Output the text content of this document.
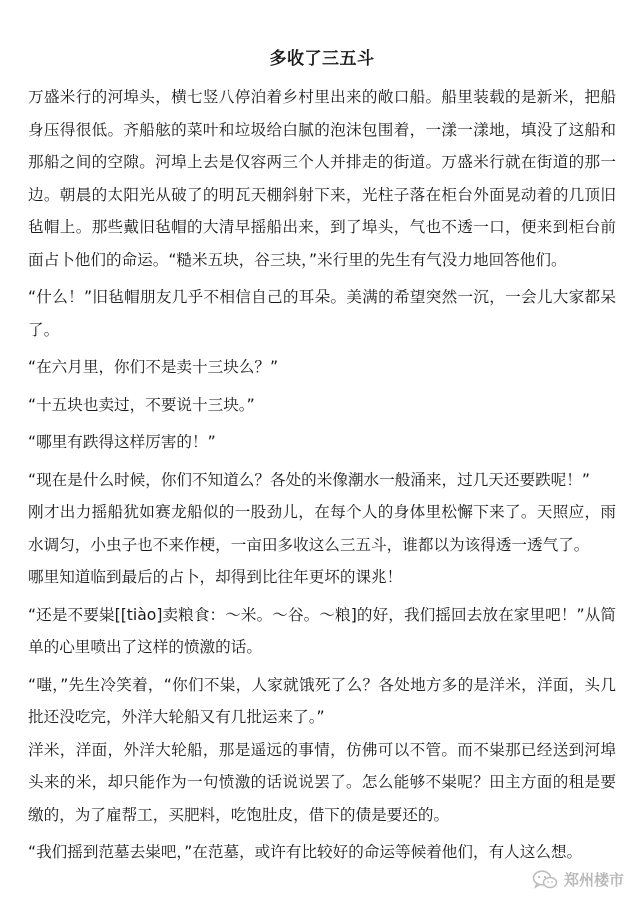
多收了三五斗

万盛米行的河埠头，横七竖八停泊着乡村里出来的敞口船。船里装载的是新米，把船身压得很低。齐船舷的菜叶和垃圾给白腻的泡沫包围着，一漾一漾地，填没了这船和那船之间的空隙。河埠上去是仅容两三个人并排走的街道。万盛米行就在街道的那一边。朝晨的太阳光从破了的明瓦天棚斜射下来，光柱子落在柜台外面晃动着的几顶旧毡帽上。那些戴旧毡帽的大清早摇船出来，到了埠头，气也不透一口，便来到柜台前面占卜他们的命运。“糙米五块，谷三块，”米行里的先生有气没力地回答他们。

“什么！”旧毡帽朋友几乎不相信自己的耳朵。美满的希望突然一沉，一会儿大家都呆了。

“在六月里，你们不是卖十三块么？”

“十五块也卖过，不要说十三块。”

“哪里有跌得这样厉害的！”

“现在是什么时候，你们不知道么？各处的米像潮水一般涌来，过几天还要跌呢！”

刚才出力摇船犹如赛龙船似的一股劲儿，在每个人的身体里松懈下来了。天照应，雨水调匀，小虫子也不来作梗，一亩田多收这么三五斗，谁都以为该得透一透气了。

哪里知道临到最后的占卜，却得到比往年更坏的课兆！

“还是不要粜[[tiào]卖粮食：～米。～谷。～粮]的好，我们摇回去放在家里吧！”从简单的心里喷出了这样的愤激的话。

“嗤，”先生冷笑着，“你们不粜，人家就饿死了么？各处地方多的是洋米，洋面，头几批还没吃完，外洋大轮船又有几批运来了。”

洋米，洋面，外洋大轮船，那是遥远的事情，仿佛可以不管。而不粜那已经送到河埠头来的米，却只能作为一句愤激的话说说罢了。怎么能够不粜呢？田主方面的租是要缴的，为了雇帮工，买肥料，吃饱肚皮，借下的债是要还的。

“我们摇到范墓去粜吧，”在范墓，或许有比较好的命运等候着他们，有人这么想。

郑州楼市
